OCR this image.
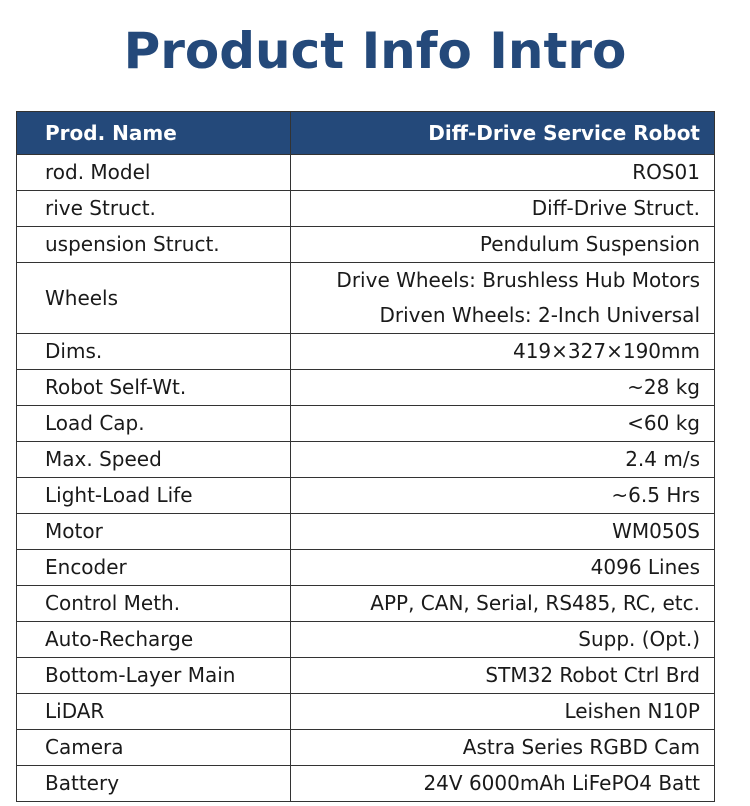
Product Info Intro
Prod. Name	Diff-Drive Service Robot
rod. Model	ROS01

rive Struct.	Diff-Drive Struct.

uspension Struct.	Pendulum Suspension

Wheels	Drive Wheels: Brushless Hub Motors
Driven Wheels: 2-Inch Universal

Dims.	419×327×190mm

Robot Self-Wt.	~28 kg

Load Cap.	<60 kg

Max. Speed	2.4 m/s

Light-Load Life	~6.5 Hrs

Motor	WM050S

Encoder	4096 Lines

Control Meth.	APP, CAN, Serial, RS485, RC, etc.

Auto-Recharge	Supp. (Opt.)

Bottom-Layer Main	STM32 Robot Ctrl Brd

LiDAR	Leishen N10P

Camera	Astra Series RGBD Cam

Battery	24V 6000mAh LiFePO4 Batt
